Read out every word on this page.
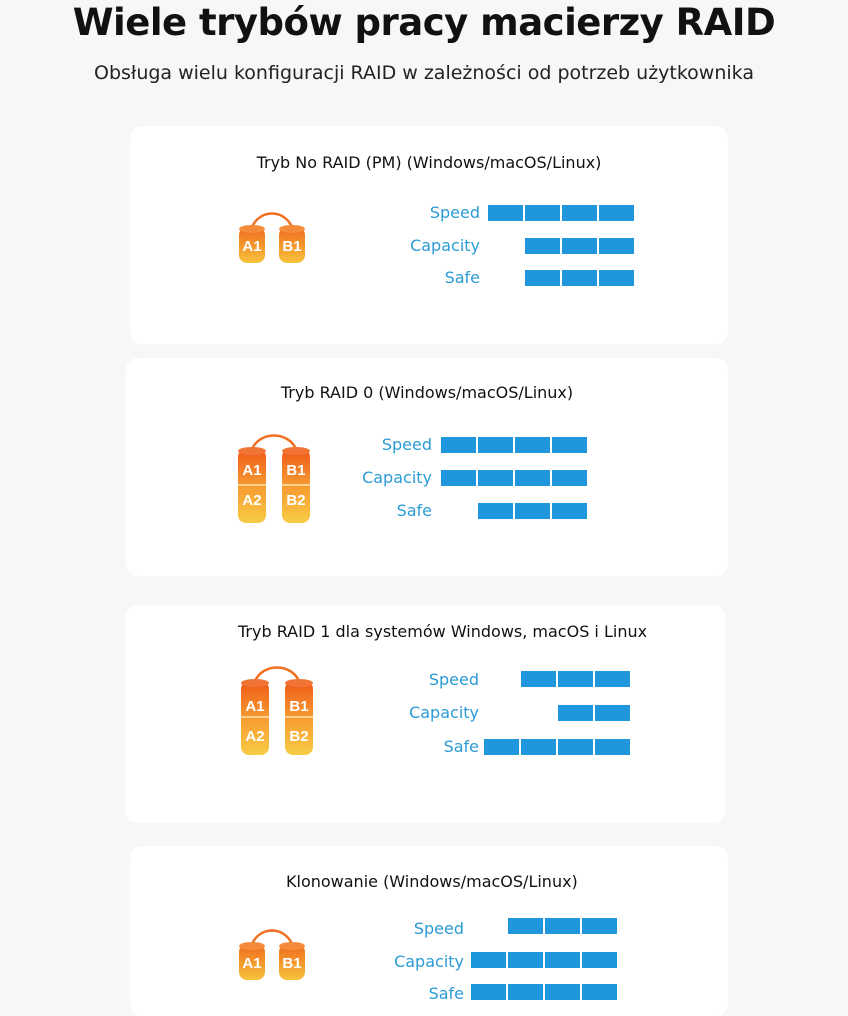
Wiele trybów pracy macierzy RAID
Obsługa wielu konfiguracji RAID w zależności od potrzeb użytkownika
Tryb No RAID (PM) (Windows/macOS/Linux)
A1 B1
Speed
Capacity
Safe
Tryb RAID 0 (Windows/macOS/Linux)
A1 B1
A2 B2
Speed
Capacity
Safe
Tryb RAID 1 dla systemów Windows, macOS i Linux
A1 B1
A2 B2
Speed
Capacity
Safe
Klonowanie (Windows/macOS/Linux)
A1 B1
Speed
Capacity
Safe
